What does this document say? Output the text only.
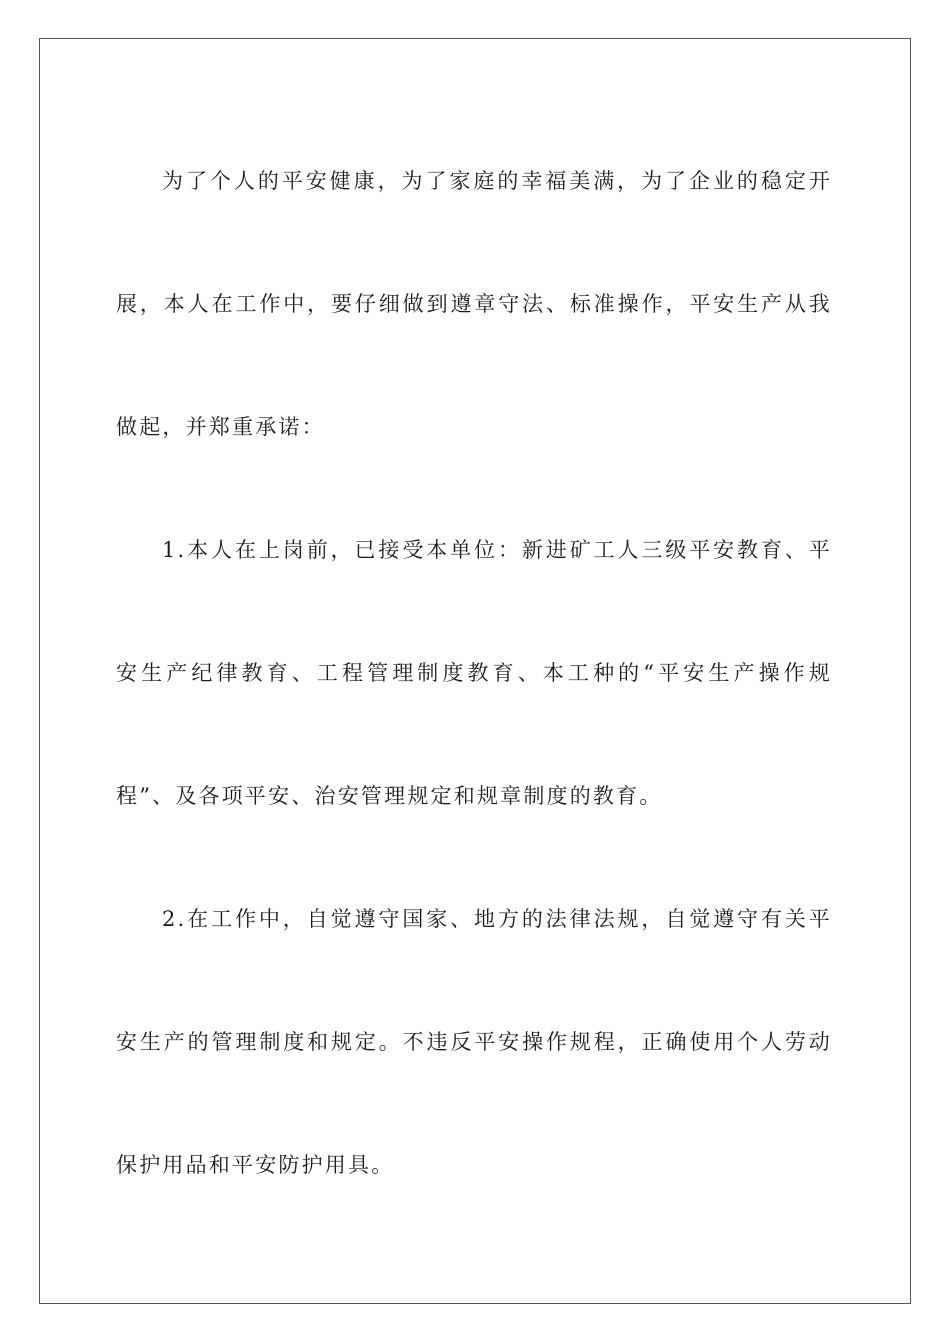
为了个人的平安健康，为了家庭的幸福美满，为了企业的稳定开展，本人在工作中，要仔细做到遵章守法、标准操作，平安生产从我做起，并郑重承诺：

1.本人在上岗前，已接受本单位：新进矿工人三级平安教育、平安生产纪律教育、工程管理制度教育、本工种的“平安生产操作规程”、及各项平安、治安管理规定和规章制度的教育。

2.在工作中，自觉遵守国家、地方的法律法规，自觉遵守有关平安生产的管理制度和规定。不违反平安操作规程，正确使用个人劳动保护用品和平安防护用具。
